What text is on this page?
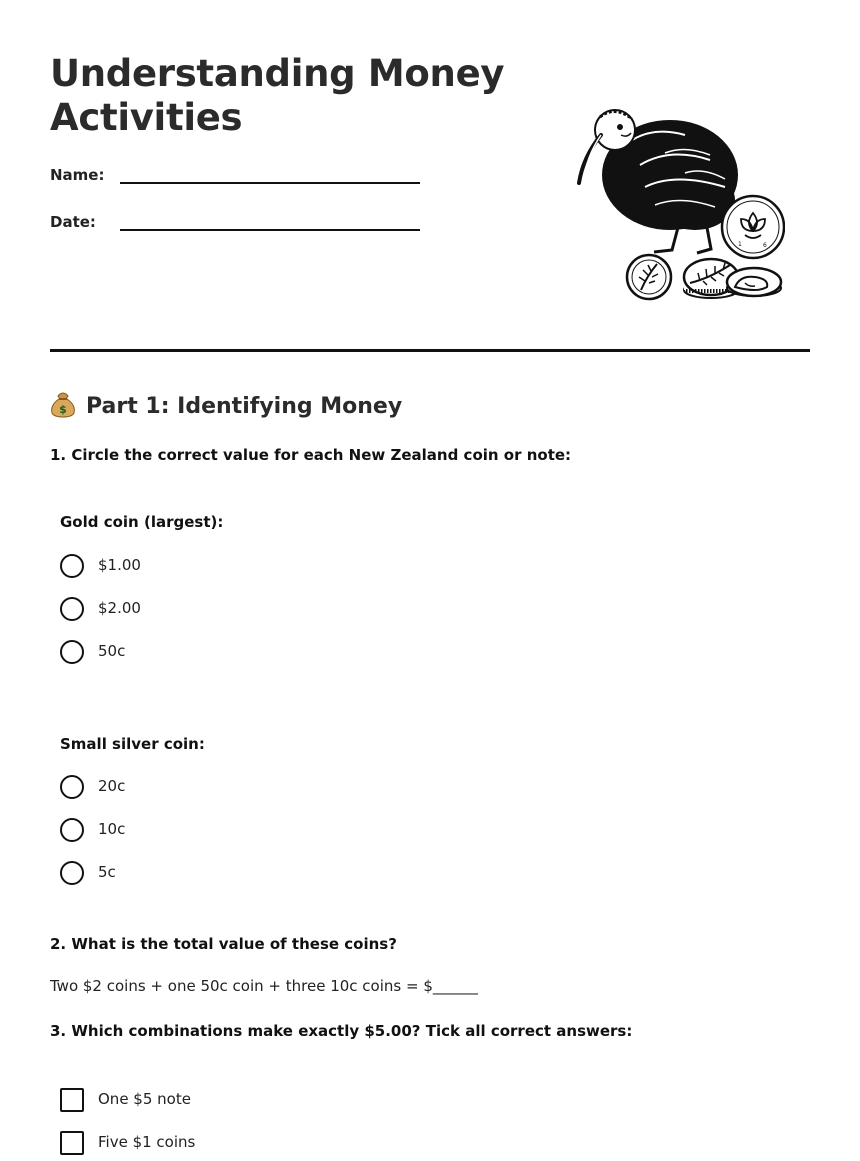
Understanding Money
Activities
Name:
Date:
1	6
$ Part 1: Identifying Money
1. Circle the correct value for each New Zealand coin or note:
Gold coin (largest):
$1.00
$2.00
50c
Small silver coin:
20c
10c
5c
2. What is the total value of these coins?
Two $2 coins + one 50c coin + three 10c coins = $______
3. Which combinations make exactly $5.00? Tick all correct answers:
One $5 note
Five $1 coins
